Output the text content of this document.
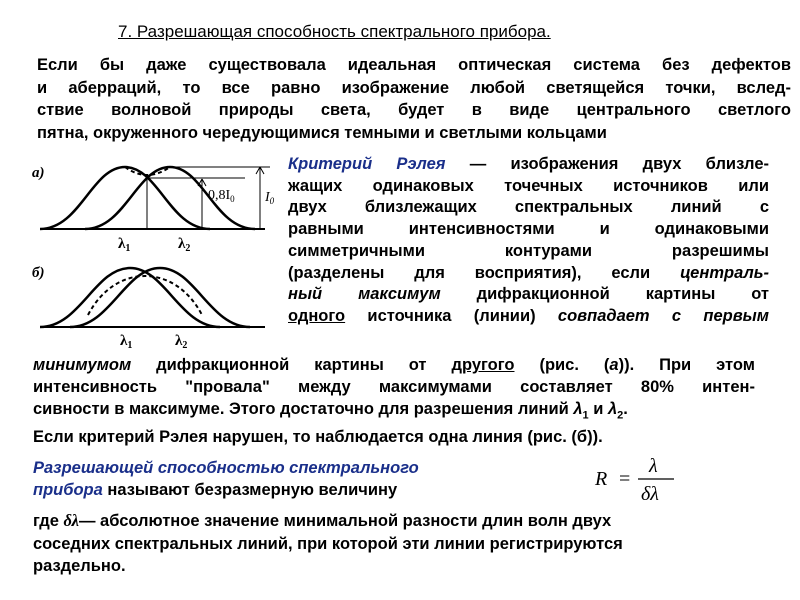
7. Разрешающая способность спектрального прибора.
Если бы даже существовала идеальная оптическая система без дефектов
и аберраций, то все равно изображение любой светящейся точки, вслед-
ствие волновой природы света, будет в виде центрального светлого
пятна, окруженного чередующимися темными и светлыми кольцами
а)
$0,8I_0$ $I_0$
$\lambda_1$	$\lambda_2$
б)
$\lambda_1$	$\lambda_2$
Критерий Рэлея — изображения двух близле-
жащих одинаковых точечных источников или
двух близлежащих спектральных линий с
равными интенсивностями и одинаковыми
симметричными контурами разрешимы
(разделены для восприятия), если централь-
ный максимум дифракционной картины от
одного источника (линии) совпадает с первым
минимумом дифракционной картины от другого (рис. (а)). При этом
интенсивность "провала" между максимумами составляет 80% интен-
сивности в максимуме. Этого достаточно для разрешения линий $\lambda_1$ и $\lambda_2$.
Если критерий Рэлея нарушен, то наблюдается одна линия (рис. (б)).
Разрешающей способностью спектрального
прибора называют безразмерную величину	R =
λ
δλ
где δλ— абсолютное значение минимальной разности длин волн двух
соседних спектральных линий, при которой эти линии регистрируются
раздельно.
